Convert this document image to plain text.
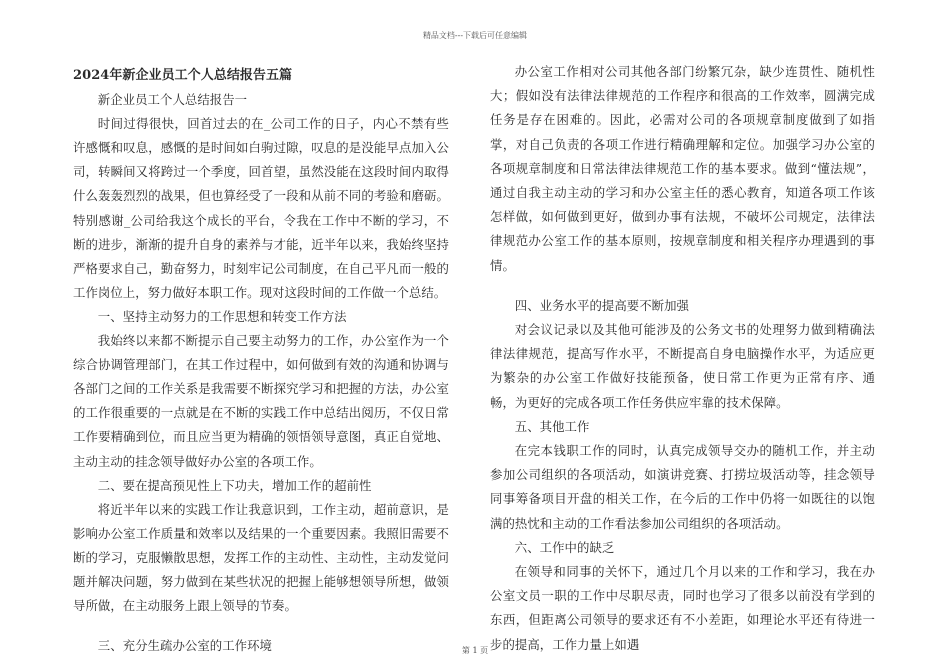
精品文档---下载后可任意编辑
2024年新企业员工个人总结报告五篇
新企业员工个人总结报告一
时间过得很快，回首过去的在_公司工作的日子，内心不禁有些许感慨和叹息，感慨的是时间如白驹过隙，叹息的是没能早点加入公司，转瞬间又将跨过一个季度，回首望，虽然没能在这段时间内取得什么轰轰烈烈的战果，但也算经受了一段和从前不同的考验和磨砺。特别感谢_公司给我这个成长的平台，令我在工作中不断的学习，不断的进步，渐渐的提升自身的素养与才能，近半年以来，我始终坚持严格要求自己，勤奋努力，时刻牢记公司制度，在自己平凡而一般的工作岗位上，努力做好本职工作。现对这段时间的工作做一个总结。
一、坚持主动努力的工作思想和转变工作方法
我始终以来都不断提示自己要主动努力的工作，办公室作为一个综合协调管理部门，在其工作过程中，如何做到有效的沟通和协调与各部门之间的工作关系是我需要不断探究学习和把握的方法，办公室的工作很重要的一点就是在不断的实践工作中总结出阅历，不仅日常工作要精确到位，而且应当更为精确的领悟领导意图，真正自觉地、主动主动的挂念领导做好办公室的各项工作。
二、要在提高预见性上下功夫，增加工作的超前性
将近半年以来的实践工作让我意识到，工作主动，超前意识，是影响办公室工作质量和效率以及结果的一个重要因素。我照旧需要不断的学习，克服懒散思想，发挥工作的主动性、主动性，主动发觉问题并解决问题，努力做到在某些状况的把握上能够想领导所想，做领导所做，在主动服务上跟上领导的节奏。
三、充分生疏办公室的工作环境
办公室工作相对公司其他各部门纷繁冗杂，缺少连贯性、随机性大；假如没有法律法律规范的工作程序和很高的工作效率，圆满完成任务是存在困难的。因此，必需对公司的各项规章制度做到了如指掌，对自己负责的各项工作进行精确理解和定位。加强学习办公室的各项规章制度和日常法律法律规范工作的基本要求。做到“懂法规”，通过自我主动主动的学习和办公室主任的悉心教育，知道各项工作该怎样做，如何做到更好，做到办事有法规，不破坏公司规定，法律法律规范办公室工作的基本原则，按规章制度和相关程序办理遇到的事情。
四、业务水平的提高要不断加强
对会议记录以及其他可能涉及的公务文书的处理努力做到精确法律法律规范，提高写作水平，不断提高自身电脑操作水平，为适应更为繁杂的办公室工作做好技能预备，使日常工作更为正常有序、通畅，为更好的完成各项工作任务供应牢靠的技术保障。
五、其他工作
在完本钱职工作的同时，认真完成领导交办的随机工作，并主动参加公司组织的各项活动，如演讲竞赛、打捞垃圾活动等，挂念领导同事筹备项目开盘的相关工作，在今后的工作中仍将一如既往的以饱满的热忱和主动的工作看法参加公司组织的各项活动。
六、工作中的缺乏
在领导和同事的关怀下，通过几个月以来的工作和学习，我在办公室文员一职的工作中尽职尽责，同时也学习了很多以前没有学到的东西，但距离公司领导的要求还有不小差距，如理论水平还有待进一步的提高，工作力量上如遇
第 1 页
